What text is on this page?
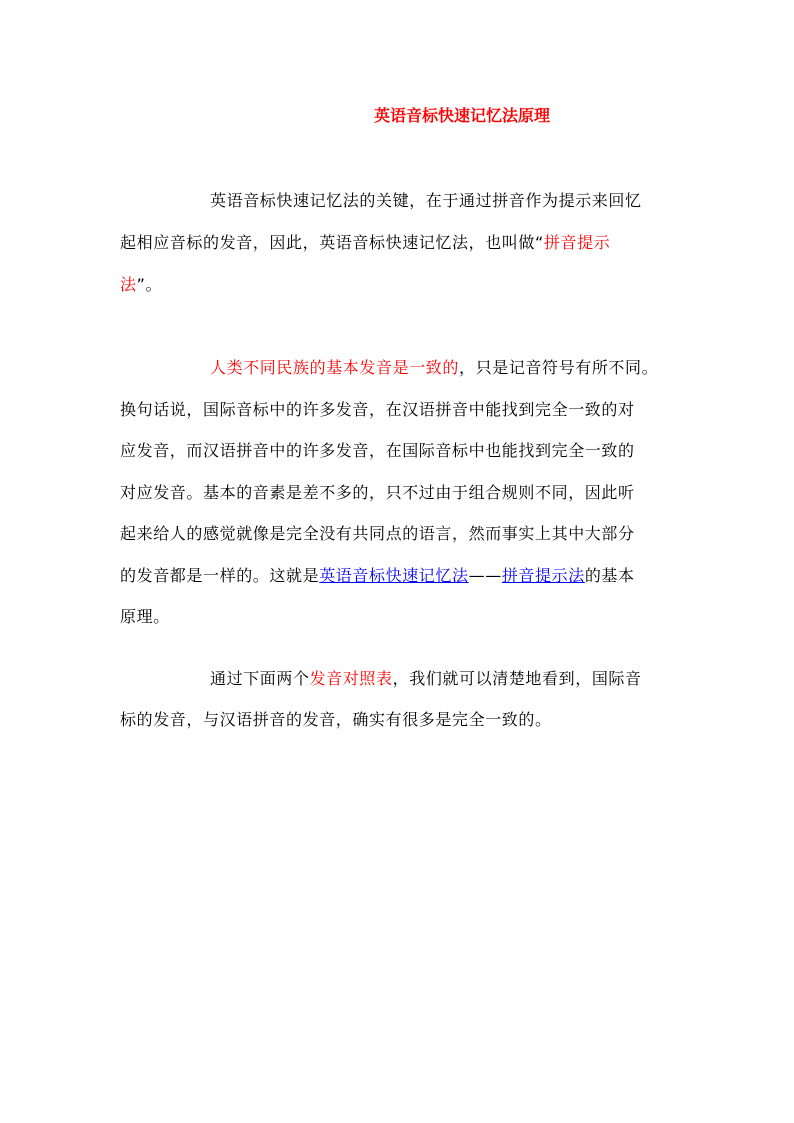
英语音标快速记忆法原理
英语音标快速记忆法的关键，在于通过拼音作为提示来回忆
起相应音标的发音，因此，英语音标快速记忆法，也叫做“拼音提示
法”。
人类不同民族的基本发音是一致的，只是记音符号有所不同。
换句话说，国际音标中的许多发音，在汉语拼音中能找到完全一致的对
应发音，而汉语拼音中的许多发音，在国际音标中也能找到完全一致的
对应发音。基本的音素是差不多的，只不过由于组合规则不同，因此听
起来给人的感觉就像是完全没有共同点的语言，然而事实上其中大部分
的发音都是一样的。这就是英语音标快速记忆法——拼音提示法的基本
原理。
通过下面两个发音对照表，我们就可以清楚地看到，国际音
标的发音，与汉语拼音的发音，确实有很多是完全一致的。
